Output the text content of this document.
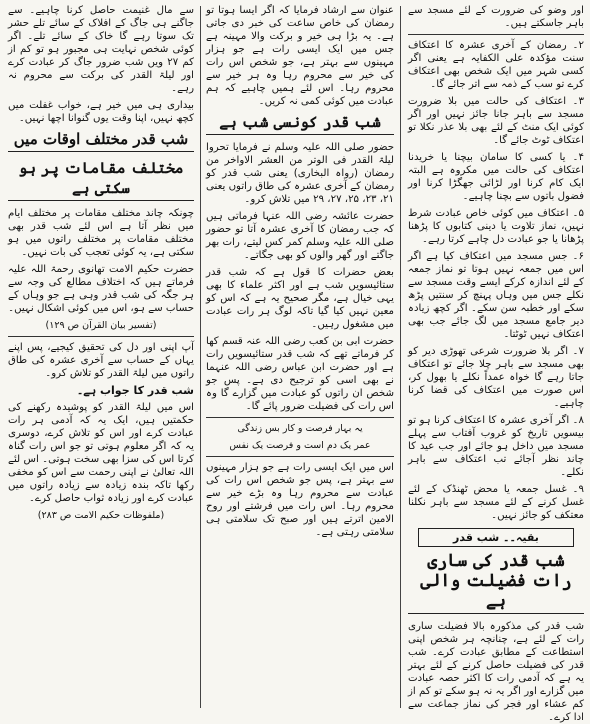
اور وضو کی ضرورت کے لئے مسجد سے باہر جاسکتے ہیں۔

۲۔ رمضان کے آخری عشرہ کا اعتکاف سنت مؤکدہ علی الکفایہ ہے یعنی اگر کسی شہر میں ایک شخص بھی اعتکاف کرے تو سب کے ذمہ سے اتر جائے گا۔

۳۔ اعتکاف کی حالت میں بلا ضرورت مسجد سے باہر جانا جائز نہیں اور اگر کوئی ایک منٹ کے لئے بھی بلا عذر نکلا تو اعتکاف ٹوٹ جائے گا۔

۴۔ یا کسی کا سامان بیچنا یا خریدنا اعتکاف کی حالت میں مکروہ ہے البتہ ایک کام کرنا اور لڑائی جھگڑا کرنا اور فضول باتوں سے بچنا چاہیے۔

۵۔ اعتکاف میں کوئی خاص عبادت شرط نہیں، نماز تلاوت یا دینی کتابوں کا پڑھنا پڑھانا یا جو عبادت دل چاہے کرتا رہے۔

۶۔ جس مسجد میں اعتکاف کیا ہے اگر اس میں جمعہ نہیں ہوتا تو نماز جمعہ کے لئے اندازہ کرکے ایسے وقت مسجد سے نکلے جس میں وہاں پہنچ کر سنتیں پڑھ سکے اور خطبہ سن سکے۔ اگر کچھ زیادہ دیر جامع مسجد میں لگ جائے جب بھی اعتکاف نہیں ٹوٹتا۔

۷۔ اگر بلا ضرورت شرعی تھوڑی دیر کو بھی مسجد سے باہر چلا جائے تو اعتکاف جاتا رہے گا خواہ عمداً نکلے یا بھول کر، اس صورت میں اعتکاف کی قضا کرنا چاہیے۔

۸۔ اگر آخری عشرہ کا اعتکاف کرنا ہو تو بیسویں تاریخ کو غروب آفتاب سے پہلے مسجد میں داخل ہو جائے اور جب عید کا چاند نظر آجائے تب اعتکاف سے باہر نکلے۔

۹۔ غسل جمعہ یا محض ٹھنڈک کے لئے غسل کرنے کے لئے مسجد سے باہر نکلنا معتکف کو جائز نہیں۔

بقیہ۔۔ شب قدر
شب قدر کی ساری رات فضیلت والی ہے

شب قدر کی مذکورہ بالا فضیلت ساری رات کے لئے ہے، چنانچہ ہر شخص اپنی استطاعت کے مطابق عبادت کرے۔ شب قدر کی فضیلت حاصل کرنے کے لئے بہتر یہ ہے کہ آدمی رات کا اکثر حصہ عبادت میں گزارے اور اگر یہ نہ ہو سکے تو کم از کم عشاء اور فجر کی نماز جماعت سے ادا کرے۔

عنوان سے ارشاد فرمایا کہ اگر ایسا ہوتا تو رمضان کی خاص ساعت کی خبر دی جاتی ہے۔ یہ بڑا ہی خیر و برکت والا مہینہ ہے جس میں ایک ایسی رات ہے جو ہزار مہینوں سے بہتر ہے، جو شخص اس رات کی خیر سے محروم رہا وہ ہر خیر سے محروم رہا۔ اس لئے ہمیں چاہیے کہ ہم عبادت میں کوئی کمی نہ کریں۔

شب قدر کونسی شب ہے

حضور صلی اللہ علیہ وسلم نے فرمایا تحروا لیلۃ القدر فی الوتر من العشر الاواخر من رمضان (رواہ البخاری) یعنی شب قدر کو رمضان کے آخری عشرہ کی طاق راتوں یعنی ۲۱، ۲۳، ۲۵، ۲۷، ۲۹ میں تلاش کرو۔

حضرت عائشہ رضی اللہ عنہا فرماتی ہیں کہ جب رمضان کا آخری عشرہ آتا تو حضور صلی اللہ علیہ وسلم کمر کس لیتے، رات بھر جاگتے اور گھر والوں کو بھی جگاتے۔

بعض حضرات کا قول ہے کہ شب قدر ستائیسویں شب ہے اور اکثر علماء کا بھی یہی خیال ہے، مگر صحیح یہ ہے کہ اس کو معین نہیں کیا گیا تاکہ لوگ ہر رات عبادت میں مشغول رہیں۔

حضرت ابی بن کعب رضی اللہ عنہ قسم کھا کر فرماتے تھے کہ شب قدر ستائیسویں رات ہے اور حضرت ابن عباس رضی اللہ عنہما نے بھی اسی کو ترجیح دی ہے۔ پس جو شخص ان راتوں کو عبادت میں گزارے گا وہ اس رات کی فضیلت ضرور پائے گا۔

یہ بہار فرصت و کار بس زندگی

عمر یک دم است و فرصت یک نفس

اس میں ایک ایسی رات ہے جو ہزار مہینوں سے بہتر ہے، پس جو شخص اس رات کی عبادت سے محروم رہا وہ بڑے خیر سے محروم رہا۔ اس رات میں فرشتے اور روح الامین اترتے ہیں اور صبح تک سلامتی ہی سلامتی رہتی ہے۔

سے مال غنیمت حاصل کرنا چاہیے۔ سے جاگنے ہی جاگ کے افلاک کے سائے تلے حشر تک سوتا رہے گا خاک کے سائے تلے۔ اگر کوئی شخص نہایت ہی مجبور ہو تو کم از کم ۲۷ ویں شب ضرور جاگ کر عبادت کرے اور لیلۃ القدر کی برکت سے محروم نہ رہے۔

بیداری ہی میں خیر ہے، خواب غفلت میں کچھ نہیں، اپنا وقت یوں گنوانا اچھا نہیں۔

شب قدر مختلف اوقات میں
مختلف مقامات پر ہو سکتی ہے

چونکہ چاند مختلف مقامات پر مختلف ایام میں نظر آتا ہے اس لئے شب قدر بھی مختلف مقامات پر مختلف راتوں میں ہو سکتی ہے، یہ کوئی تعجب کی بات نہیں۔

حضرت حکیم الامت تھانوی رحمۃ اللہ علیہ فرماتے ہیں کہ اختلاف مطالع کی وجہ سے ہر جگہ کی شب قدر وہی ہے جو وہاں کے حساب سے ہو، اس میں کوئی اشکال نہیں۔

(تفسیر بیان القرآن ص ۱۲۹)

آپ اپنی اور دل کی تحقیق کیجیے، پس اپنے یہاں کے حساب سے آخری عشرہ کی طاق راتوں میں لیلۃ القدر کو تلاش کرو۔

شب قدر کا جواب ہے۔

اس میں لیلۃ القدر کو پوشیدہ رکھنے کی حکمتیں ہیں، ایک یہ کہ آدمی ہر رات عبادت کرے اور اس کو تلاش کرے، دوسری یہ کہ اگر معلوم ہوتی تو جو اس رات گناہ کرتا اس کی سزا بھی سخت ہوتی۔ اس لئے اللہ تعالیٰ نے اپنی رحمت سے اس کو مخفی رکھا تاکہ بندہ زیادہ سے زیادہ راتوں میں عبادت کرے اور زیادہ ثواب حاصل کرے۔

(ملفوظات حکیم الامت ص ۲۸۳)
